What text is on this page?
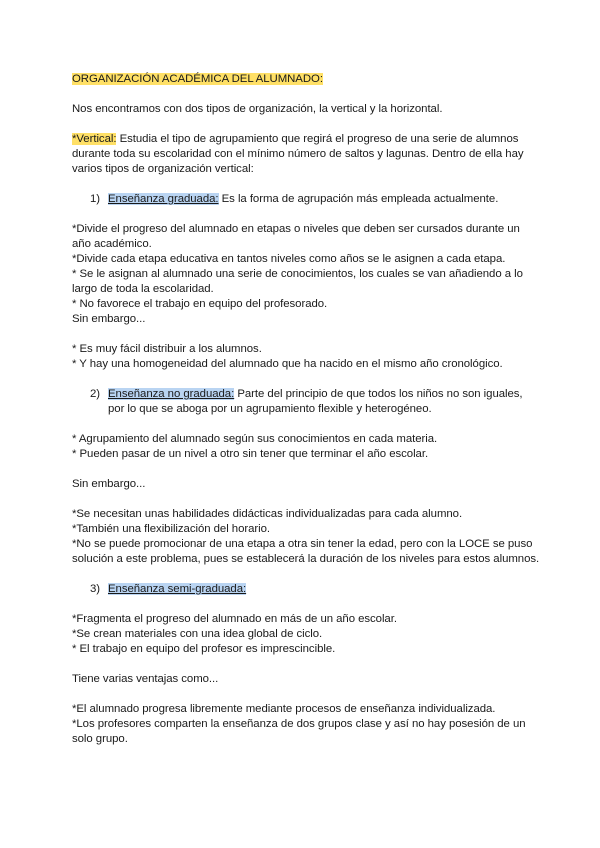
ORGANIZACIÓN ACADÉMICA DEL ALUMNADO:

Nos encontramos con dos tipos de organización, la vertical y la horizontal.

*Vertical: Estudia el tipo de agrupamiento que regirá el progreso de una serie de alumnos durante toda su escolaridad con el mínimo número de saltos y lagunas. Dentro de ella hay varios tipos de organización vertical:

1) Enseñanza graduada: Es la forma de agrupación más empleada actualmente.

*Divide el progreso del alumnado en etapas o niveles que deben ser cursados durante un año académico.

*Divide cada etapa educativa en tantos niveles como años se le asignen a cada etapa.

* Se le asignan al alumnado una serie de conocimientos, los cuales se van añadiendo a lo largo de toda la escolaridad.

* No favorece el trabajo en equipo del profesorado.

Sin embargo...

* Es muy fácil distribuir a los alumnos.

* Y hay una homogeneidad del alumnado que ha nacido en el mismo año cronológico.

2) Enseñanza no graduada: Parte del principio de que todos los niños no son iguales, por lo que se aboga por un agrupamiento flexible y heterogéneo.

* Agrupamiento del alumnado según sus conocimientos en cada materia.

* Pueden pasar de un nivel a otro sin tener que terminar el año escolar.

Sin embargo...

*Se necesitan unas habilidades didácticas individualizadas para cada alumno.

*También una flexibilización del horario.

*No se puede promocionar de una etapa a otra sin tener la edad, pero con la LOCE se puso solución a este problema, pues se establecerá la duración de los niveles para estos alumnos.

3) Enseñanza semi-graduada:

*Fragmenta el progreso del alumnado en más de un año escolar.

*Se crean materiales con una idea global de ciclo.

* El trabajo en equipo del profesor es imprescincible.

Tiene varias ventajas como...

*El alumnado progresa libremente mediante procesos de enseñanza individualizada.

*Los profesores comparten la enseñanza de dos grupos clase y así no hay posesión de un solo grupo.
